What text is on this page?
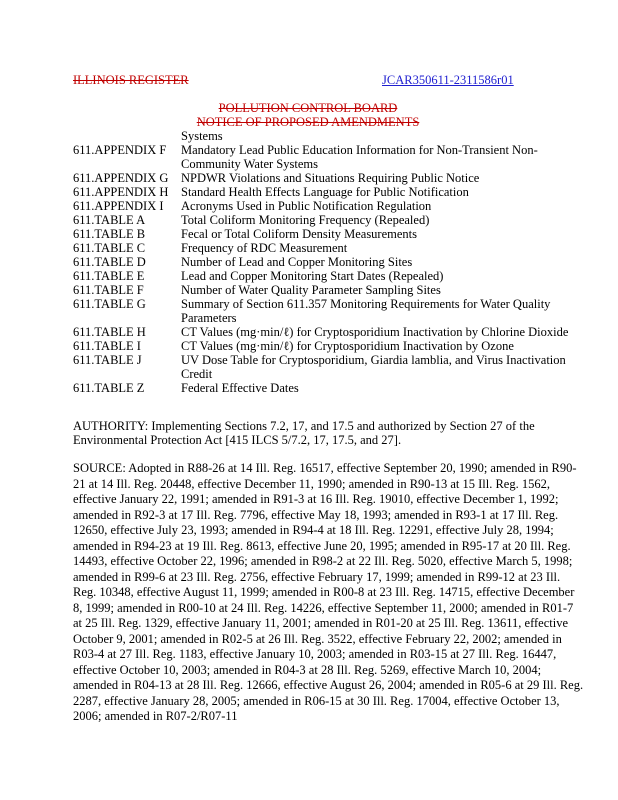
ILLINOIS REGISTER	JCAR350611-2311586r01
POLLUTION CONTROL BOARD
NOTICE OF PROPOSED AMENDMENTS
Systems
611.APPENDIX F	Mandatory Lead Public Education Information for Non-Transient Non-Community Water Systems
611.APPENDIX G	NPDWR Violations and Situations Requiring Public Notice
611.APPENDIX H	Standard Health Effects Language for Public Notification
611.APPENDIX I	Acronyms Used in Public Notification Regulation
611.TABLE A	Total Coliform Monitoring Frequency (Repealed)
611.TABLE B	Fecal or Total Coliform Density Measurements
611.TABLE C	Frequency of RDC Measurement
611.TABLE D	Number of Lead and Copper Monitoring Sites
611.TABLE E	Lead and Copper Monitoring Start Dates (Repealed)
611.TABLE F	Number of Water Quality Parameter Sampling Sites
611.TABLE G	Summary of Section 611.357 Monitoring Requirements for Water Quality Parameters
611.TABLE H	CT Values (mg·min/ℓ) for Cryptosporidium Inactivation by Chlorine Dioxide
611.TABLE I	CT Values (mg·min/ℓ) for Cryptosporidium Inactivation by Ozone
611.TABLE J	UV Dose Table for Cryptosporidium, Giardia lamblia, and Virus Inactivation Credit
611.TABLE Z	Federal Effective Dates
AUTHORITY: Implementing Sections 7.2, 17, and 17.5 and authorized by Section 27 of the Environmental Protection Act [415 ILCS 5/7.2, 17, 17.5, and 27].
SOURCE: Adopted in R88-26 at 14 Ill. Reg. 16517, effective September 20, 1990; amended in R90-21 at 14 Ill. Reg. 20448, effective December 11, 1990; amended in R90-13 at 15 Ill. Reg. 1562, effective January 22, 1991; amended in R91-3 at 16 Ill. Reg. 19010, effective December 1, 1992; amended in R92-3 at 17 Ill. Reg. 7796, effective May 18, 1993; amended in R93-1 at 17 Ill. Reg. 12650, effective July 23, 1993; amended in R94-4 at 18 Ill. Reg. 12291, effective July 28, 1994; amended in R94-23 at 19 Ill. Reg. 8613, effective June 20, 1995; amended in R95-17 at 20 Ill. Reg. 14493, effective October 22, 1996; amended in R98-2 at 22 Ill. Reg. 5020, effective March 5, 1998; amended in R99-6 at 23 Ill. Reg. 2756, effective February 17, 1999; amended in R99-12 at 23 Ill. Reg. 10348, effective August 11, 1999; amended in R00-8 at 23 Ill. Reg. 14715, effective December 8, 1999; amended in R00-10 at 24 Ill. Reg. 14226, effective September 11, 2000; amended in R01-7 at 25 Ill. Reg. 1329, effective January 11, 2001; amended in R01-20 at 25 Ill. Reg. 13611, effective October 9, 2001; amended in R02-5 at 26 Ill. Reg. 3522, effective February 22, 2002; amended in R03-4 at 27 Ill. Reg. 1183, effective January 10, 2003; amended in R03-15 at 27 Ill. Reg. 16447, effective October 10, 2003; amended in R04-3 at 28 Ill. Reg. 5269, effective March 10, 2004; amended in R04-13 at 28 Ill. Reg. 12666, effective August 26, 2004; amended in R05-6 at 29 Ill. Reg. 2287, effective January 28, 2005; amended in R06-15 at 30 Ill. Reg. 17004, effective October 13, 2006; amended in R07-2/R07-11
